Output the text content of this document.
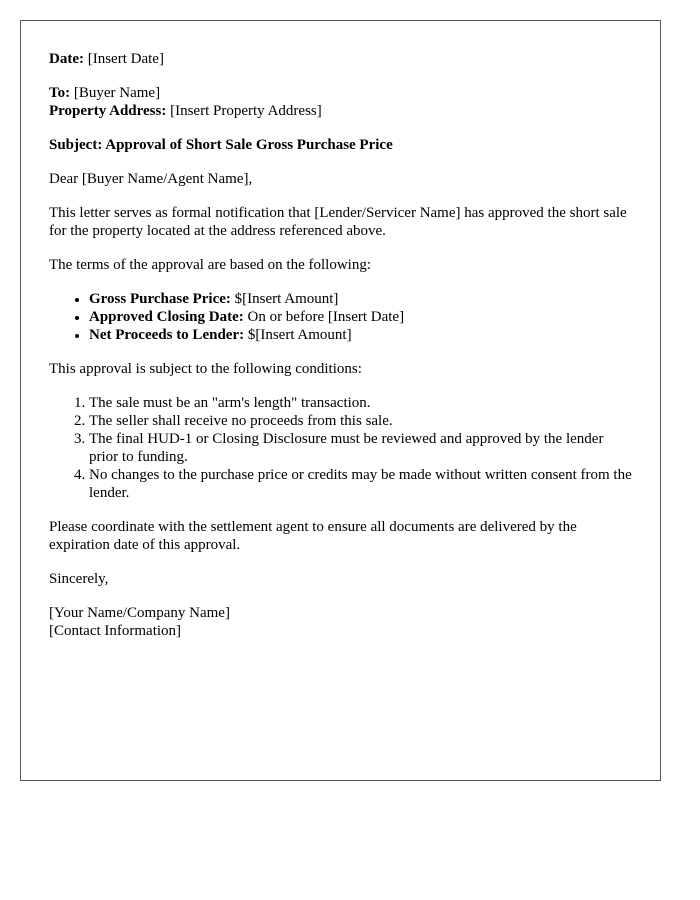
Date: [Insert Date]

To: [Buyer Name]
Property Address: [Insert Property Address]

Subject: Approval of Short Sale Gross Purchase Price

Dear [Buyer Name/Agent Name],

This letter serves as formal notification that [Lender/Servicer Name] has approved the short sale for the property located at the address referenced above.

The terms of the approval are based on the following:

• Gross Purchase Price: $[Insert Amount]
• Approved Closing Date: On or before [Insert Date]
• Net Proceeds to Lender: $[Insert Amount]

This approval is subject to the following conditions:

1. The sale must be an "arm's length" transaction.
2. The seller shall receive no proceeds from this sale.
3. The final HUD-1 or Closing Disclosure must be reviewed and approved by the lender prior to funding.
4. No changes to the purchase price or credits may be made without written consent from the lender.

Please coordinate with the settlement agent to ensure all documents are delivered by the expiration date of this approval.

Sincerely,

[Your Name/Company Name]
[Contact Information]
